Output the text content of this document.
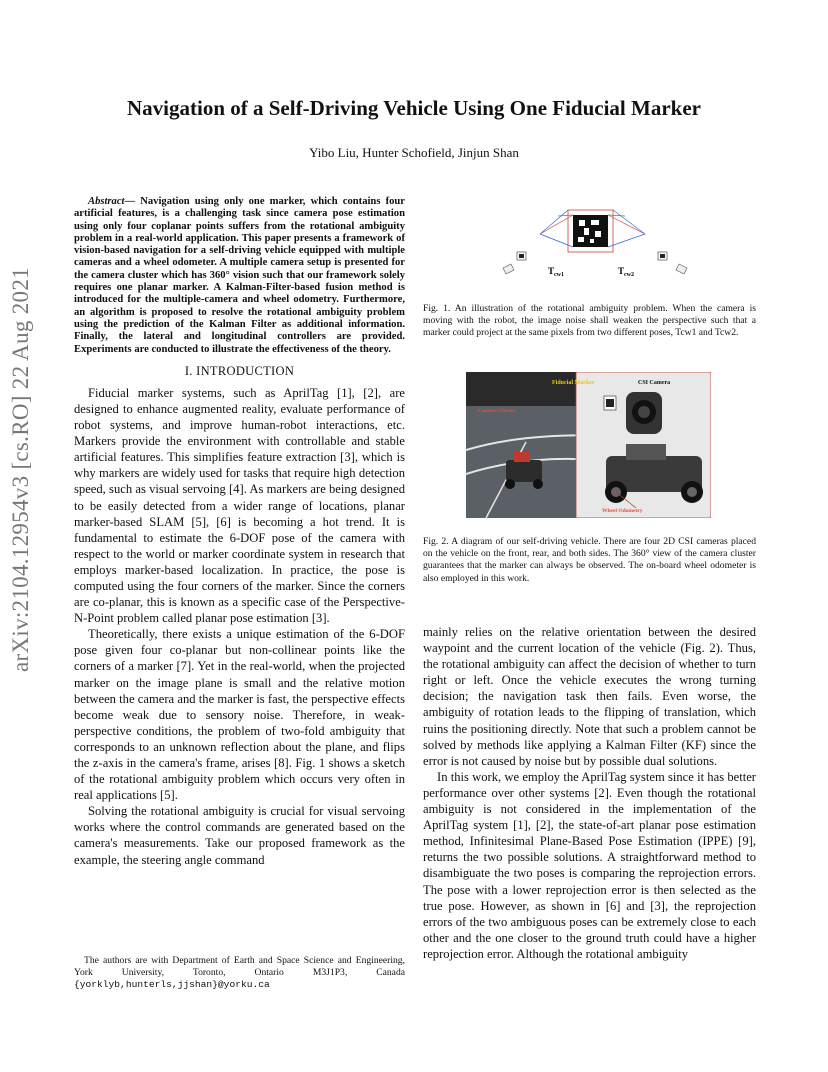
arXiv:2104.12954v3 [cs.RO] 22 Aug 2021
Navigation of a Self-Driving Vehicle Using One Fiducial Marker
Yibo Liu, Hunter Schofield, Jinjun Shan

Abstract— Navigation using only one marker, which contains four artificial features, is a challenging task since camera pose estimation using only four coplanar points suffers from the rotational ambiguity problem in a real-world application. This paper presents a framework of vision-based navigation for a self-driving vehicle equipped with multiple cameras and a wheel odometer. A multiple camera setup is presented for the camera cluster which has 360° vision such that our framework solely requires one planar marker. A Kalman-Filter-based fusion method is introduced for the multiple-camera and wheel odometry. Furthermore, an algorithm is proposed to resolve the rotational ambiguity problem using the prediction of the Kalman Filter as additional information. Finally, the lateral and longitudinal controllers are provided. Experiments are conducted to illustrate the effectiveness of the theory.

I. INTRODUCTION

Fiducial marker systems, such as AprilTag [1], [2], are designed to enhance augmented reality, evaluate performance of robot systems, and improve human-robot interactions, etc. Markers provide the environment with controllable and stable artificial features. This simplifies feature extraction [3], which is why markers are widely used for tasks that require high detection speed, such as visual servoing [4]. As markers are being designed to be easily detected from a wider range of locations, planar marker-based SLAM [5], [6] is becoming a hot trend. It is fundamental to estimate the 6-DOF pose of the camera with respect to the world or marker coordinate system in research that employs marker-based localization. In practice, the pose is computed using the four corners of the marker. Since the corners are co-planar, this is known as a specific case of the Perspective-N-Point problem called planar pose estimation [3].

Theoretically, there exists a unique estimation of the 6-DOF pose given four co-planar but non-collinear points like the corners of a marker [7]. Yet in the real-world, when the projected marker on the image plane is small and the relative motion between the camera and the marker is fast, the perspective effects become weak due to sensory noise. Therefore, in weak-perspective conditions, the problem of two-fold ambiguity that corresponds to an unknown reflection about the plane, and flips the z-axis in the camera's frame, arises [8]. Fig. 1 shows a sketch of the rotational ambiguity problem which occurs very often in real applications [5].

Solving the rotational ambiguity is crucial for visual servoing works where the control commands are generated based on the camera's measurements. Take our proposed framework as the example, the steering angle command

The authors are with Department of Earth and Space Science and Engineering, York University, Toronto, Ontario M3J1P3, Canada {yorklyb,hunterls,jjshan}@yorku.ca

$T_{cw1}$	$T_{cw2}$

Fig. 1. An illustration of the rotational ambiguity problem. When the camera is moving with the robot, the image noise shall weaken the perspective such that a marker could project at the same pixels from two different poses, Tcw1 and Tcw2.

Fiducial Marker	CSI Camera
Camera Cluster
Wheel Odometry

Fig. 2. A diagram of our self-driving vehicle. There are four 2D CSI cameras placed on the vehicle on the front, rear, and both sides. The 360° view of the camera cluster guarantees that the marker can always be observed. The on-board wheel odometer is also employed in this work.

mainly relies on the relative orientation between the desired waypoint and the current location of the vehicle (Fig. 2). Thus, the rotational ambiguity can affect the decision of whether to turn right or left. Once the vehicle executes the wrong turning decision; the navigation task then fails. Even worse, the ambiguity of rotation leads to the flipping of translation, which ruins the positioning directly. Note that such a problem cannot be solved by methods like applying a Kalman Filter (KF) since the error is not caused by noise but by possible dual solutions.

In this work, we employ the AprilTag system since it has better performance over other systems [2]. Even though the rotational ambiguity is not considered in the implementation of the AprilTag system [1], [2], the state-of-art planar pose estimation method, Infinitesimal Plane-Based Pose Estimation (IPPE) [9], returns the two possible solutions. A straightforward method to disambiguate the two poses is comparing the reprojection errors. The pose with a lower reprojection error is then selected as the true pose. However, as shown in [6] and [3], the reprojection errors of the two ambiguous poses can be extremely close to each other and the one closer to the ground truth could have a higher reprojection error. Although the rotational ambiguity
